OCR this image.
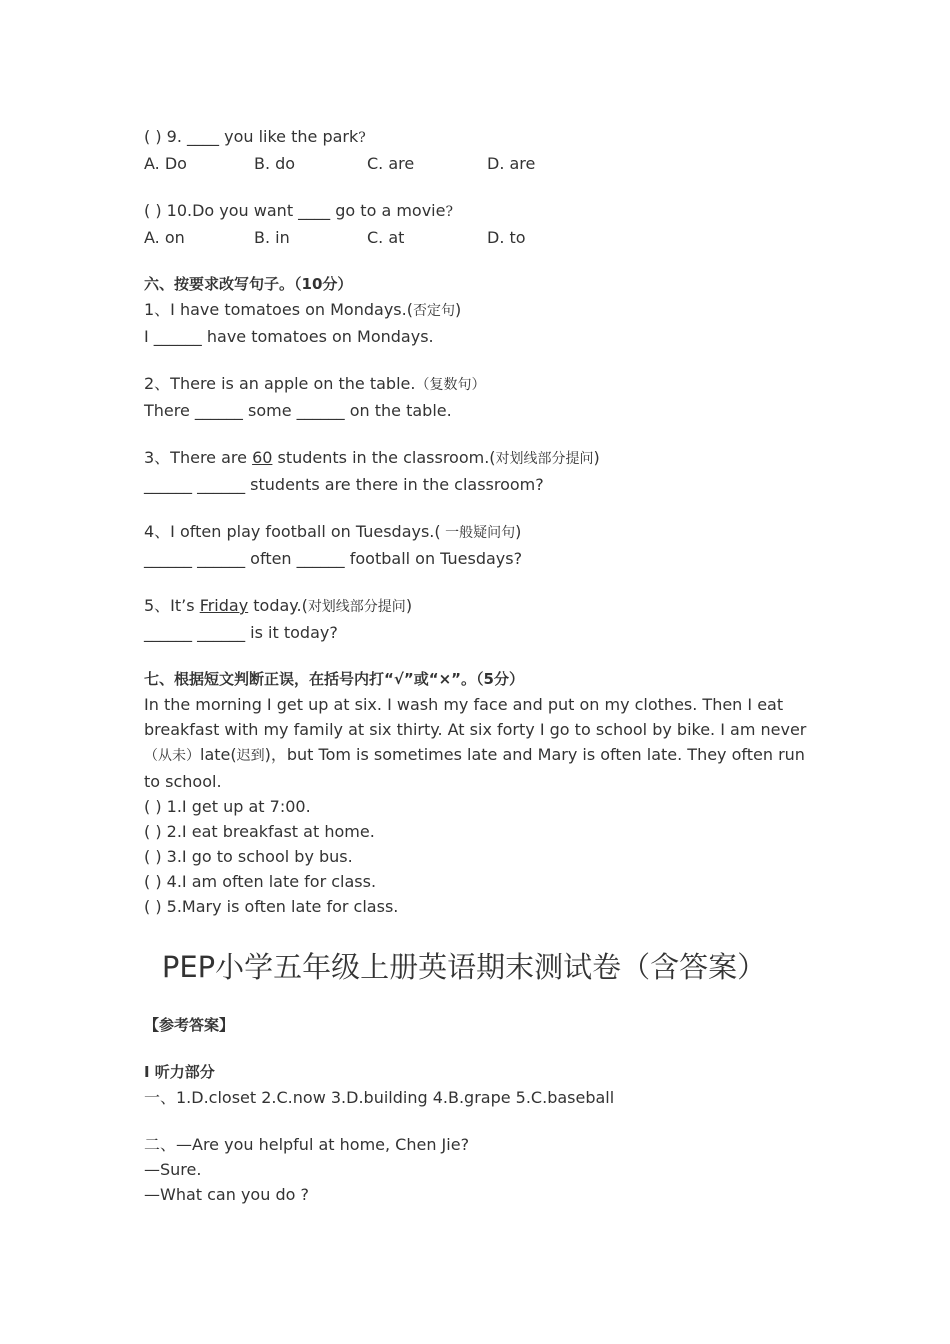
( ) 9. ____ you like the park?
A. Do	B. do	C. are	D. are
( ) 10.Do you want ____ go to a movie?
A. on	B. in	C. at	D. to
六、按要求改写句子。（10分）
1、I have tomatoes on Mondays.(否定句)
I ______ have tomatoes on Mondays.
2、There is an apple on the table.（复数句）
There ______ some ______ on the table.
3、There are 60 students in the classroom.(对划线部分提问)
______ ______ students are there in the classroom?
4、I often play football on Tuesdays.( 一般疑问句)
______ ______ often ______ football on Tuesdays?
5、It’s Friday today.(对划线部分提问)
______ ______ is it today?
七、根据短文判断正误，在括号内打“√”或“×”。（5分）
In the morning I get up at six. I wash my face and put on my clothes. Then I eat breakfast with my family at six thirty. At six forty I go to school by bike. I am never（从未）late(迟到)，but Tom is sometimes late and Mary is often late. They often run to school.
( ) 1.I get up at 7:00.
( ) 2.I eat breakfast at home.
( ) 3.I go to school by bus.
( ) 4.I am often late for class.
( ) 5.Mary is often late for class.
PEP小学五年级上册英语期末测试卷（含答案）
【参考答案】
Ⅰ 听力部分
一、1.D.closet 2.C.now 3.D.building 4.B.grape 5.C.baseball
二、—Are you helpful at home, Chen Jie?
—Sure.
—What can you do ?
